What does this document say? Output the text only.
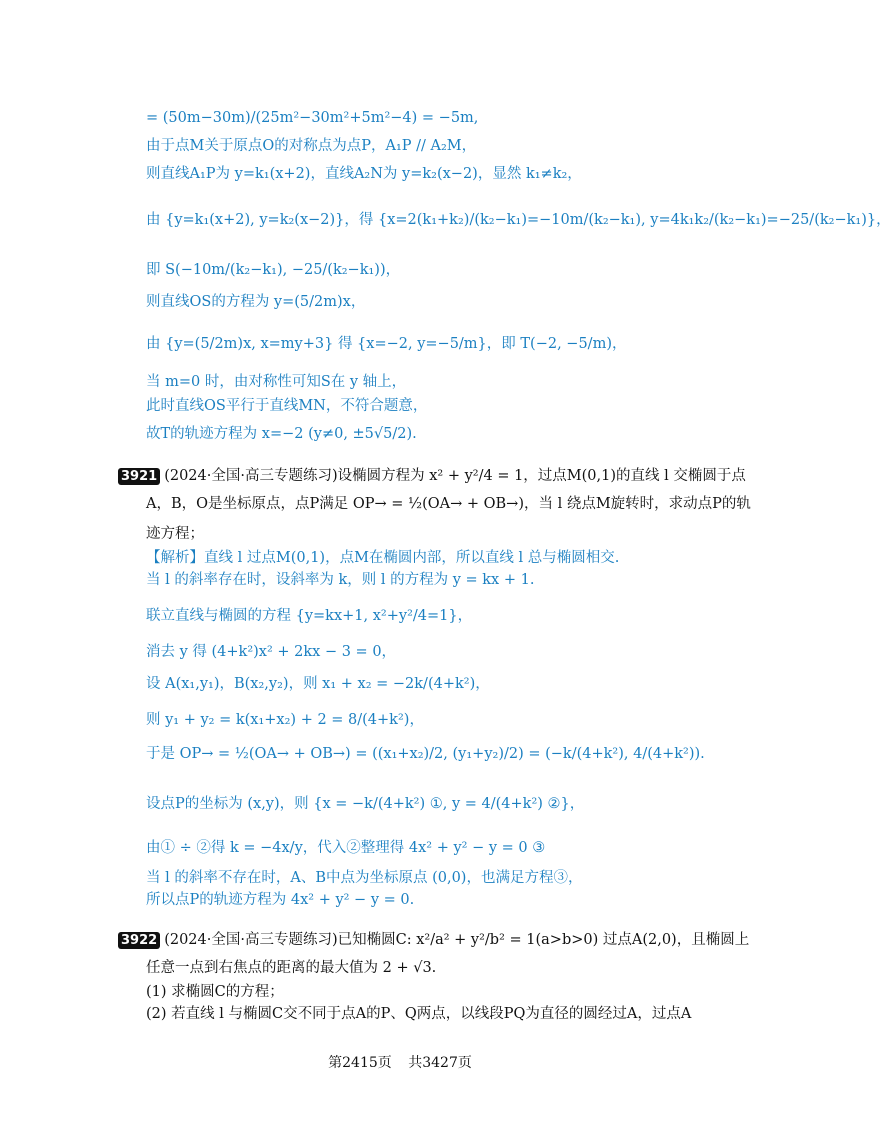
= (50m−30m)/(25m²−30m²+5m²−4) = −5m,
由于点M关于原点O的对称点为点P，A₁P // A₂M，
则直线A₁P为 y=k₁(x+2)，直线A₂N为 y=k₂(x−2)，显然 k₁≠k₂，
由 {y=k₁(x+2), y=k₂(x−2)}，得 {x=2(k₁+k₂)/(k₂−k₁)=−10m/(k₂−k₁), y=4k₁k₂/(k₂−k₁)=−25/(k₂−k₁)}，
即 S(−10m/(k₂−k₁), −25/(k₂−k₁))，
则直线OS的方程为 y=(5/2m)x，
由 {y=(5/2m)x, x=my+3} 得 {x=−2, y=−5/m}，即 T(−2, −5/m)，
当 m=0 时，由对称性可知S在 y 轴上，
此时直线OS平行于直线MN，不符合题意，
故T的轨迹方程为 x=−2 (y≠0, ±5√5/2).
3921 (2024·全国·高三专题练习)设椭圆方程为 x² + y²/4 = 1，过点M(0,1)的直线 l 交椭圆于点
A，B，O是坐标原点，点P满足 OP→ = ½(OA→ + OB→)，当 l 绕点M旋转时，求动点P的轨
迹方程；
【解析】直线 l 过点M(0,1)，点M在椭圆内部，所以直线 l 总与椭圆相交.
当 l 的斜率存在时，设斜率为 k，则 l 的方程为 y = kx + 1.
联立直线与椭圆的方程 {y=kx+1, x²+y²/4=1}，
消去 y 得 (4+k²)x² + 2kx − 3 = 0，
设 A(x₁,y₁)，B(x₂,y₂)，则 x₁ + x₂ = −2k/(4+k²)，
则 y₁ + y₂ = k(x₁+x₂) + 2 = 8/(4+k²)，
于是 OP→ = ½(OA→ + OB→) = ((x₁+x₂)/2, (y₁+y₂)/2) = (−k/(4+k²), 4/(4+k²)).
设点P的坐标为 (x,y)，则 {x = −k/(4+k²) ①, y = 4/(4+k²) ②}，
由① ÷ ②得 k = −4x/y，代入②整理得 4x² + y² − y = 0 ③
当 l 的斜率不存在时，A、B中点为坐标原点 (0,0)，也满足方程③，
所以点P的轨迹方程为 4x² + y² − y = 0.
3922 (2024·全国·高三专题练习)已知椭圆C: x²/a² + y²/b² = 1(a>b>0) 过点A(2,0)，且椭圆上
任意一点到右焦点的距离的最大值为 2 + √3.
(1) 求椭圆C的方程；
(2) 若直线 l 与椭圆C交不同于点A的P、Q两点，以线段PQ为直径的圆经过A，过点A
第2415页 共3427页
